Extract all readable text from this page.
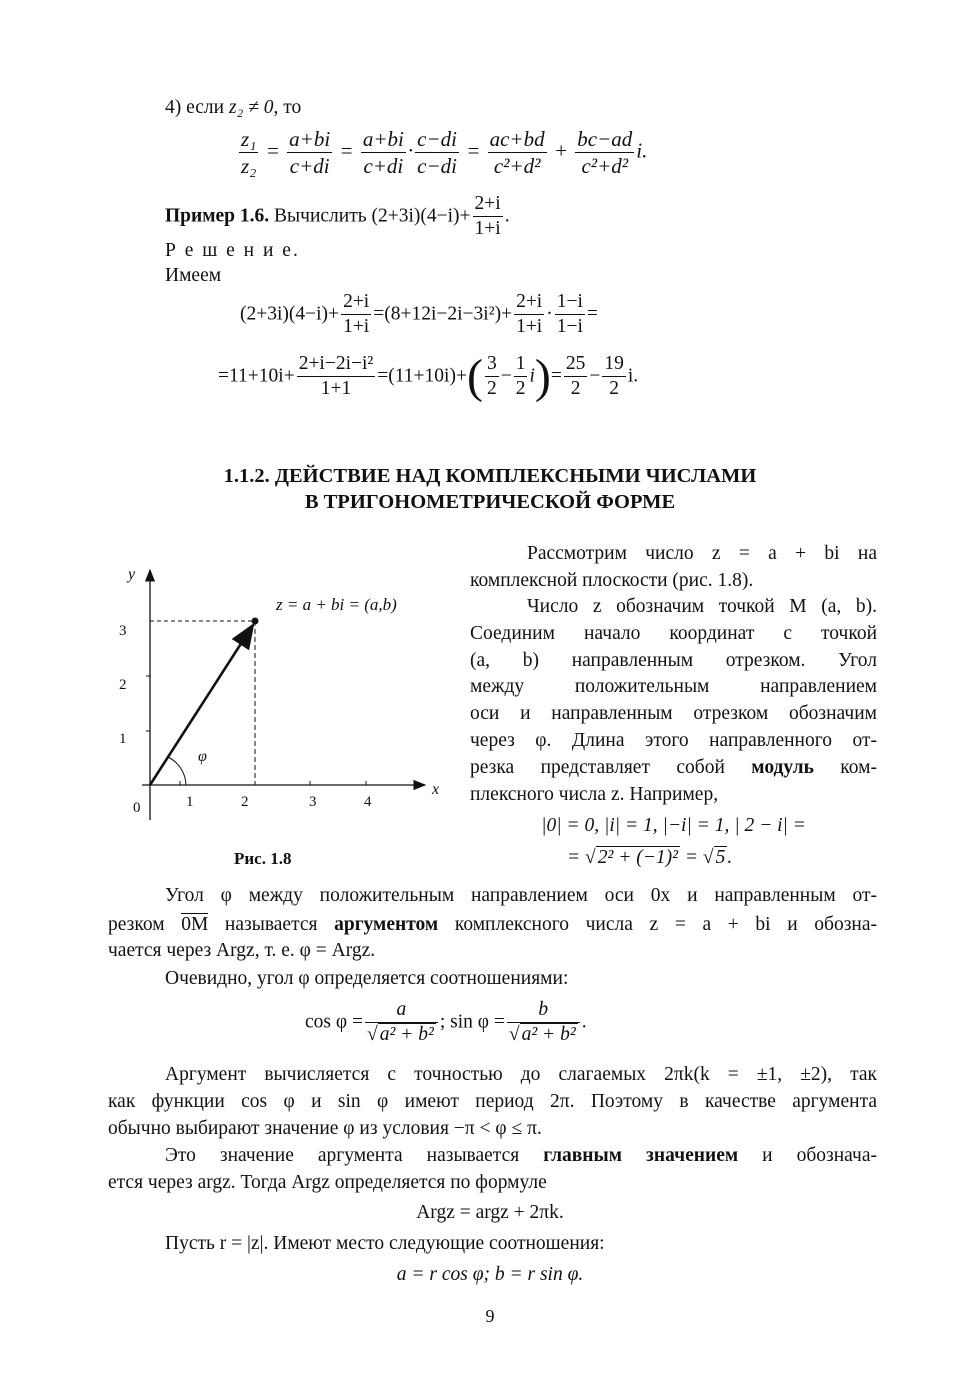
4) если z₂ ≠ 0, то
$\frac{\text{z₁}}{\text{z₂}} = \frac{a+bi}{c+di} = \frac{a+bi}{c+di} \cdot \frac{c-di}{c-di} = \frac{ac+bd}{\text{c²+d²}} + \frac{bc-ad}{\text{c²+d²}} i$.
Пример 1.6. Вычислить $(2+3i)(4-i)+ \frac{2+i}{1+i}$ .
Р е ш е н и е.
Имеем
$(2+3i)(4-i)+ \frac{2+i}{1+i} =(8+12i-2i-3i^2)+ \frac{2+i}{1+i} \cdot \frac{1-i}{1-i}$ =
$=11+10i+ \frac{\text{2+i−2i−i²}}{1+1} =(11+10i)+( \frac{3}{2} - \frac{1}{2} i)= \frac{25}{2} - \frac{19}{2} i$.
1.1.2. ДЕЙСТВИЕ НАД КОМПЛЕКСНЫМИ ЧИСЛАМИ
В ТРИГОНОМЕТРИЧЕСКОЙ ФОРМЕ
y
x
0	1	2	3	4
1
2
3
z = a + bi = (a,b)
φ
Рис. 1.8
Рассмотрим число z = a + bi на
комплексной плоскости (рис. 1.8).
Число z обозначим точкой M (a, b).
Соединим начало координат с точкой
(a, b) направленным отрезком. Угол
между положительным направлением
оси и направленным отрезком обозначим
через φ. Длина этого направленного от-
резка представляет собой модуль ком-
плексного числа z. Например,
|0| = 0, |i| = 1, |−i| = 1, | 2 − i| =
= √ 2² + (−1)² = √ 5 .
Угол φ между положительным направлением оси 0x и направленным от-
резком 0M называется аргументом комплексного числа z = a + bi и обозна-
чается через Argz, т. е. φ = Argz.
Очевидно, угол φ определяется соотношениями:
$\cos \varphi = \frac{a}{\text{√ a² + b²}}$ ; $\sin \varphi = \frac{b}{\text{√ a² + b²}}$ .
Аргумент вычисляется с точностью до слагаемых 2πk(k = ±1, ±2), так
как функции cos φ и sin φ имеют период 2π. Поэтому в качестве аргумента
обычно выбирают значение φ из условия −π < φ ≤ π.
Это значение аргумента называется главным значением и обознача-
ется через argz. Тогда Argz определяется по формуле
Argz = argz + 2πk.
Пусть r = |z|. Имеют место следующие соотношения:
a = r cos φ; b = r sin φ.
9
